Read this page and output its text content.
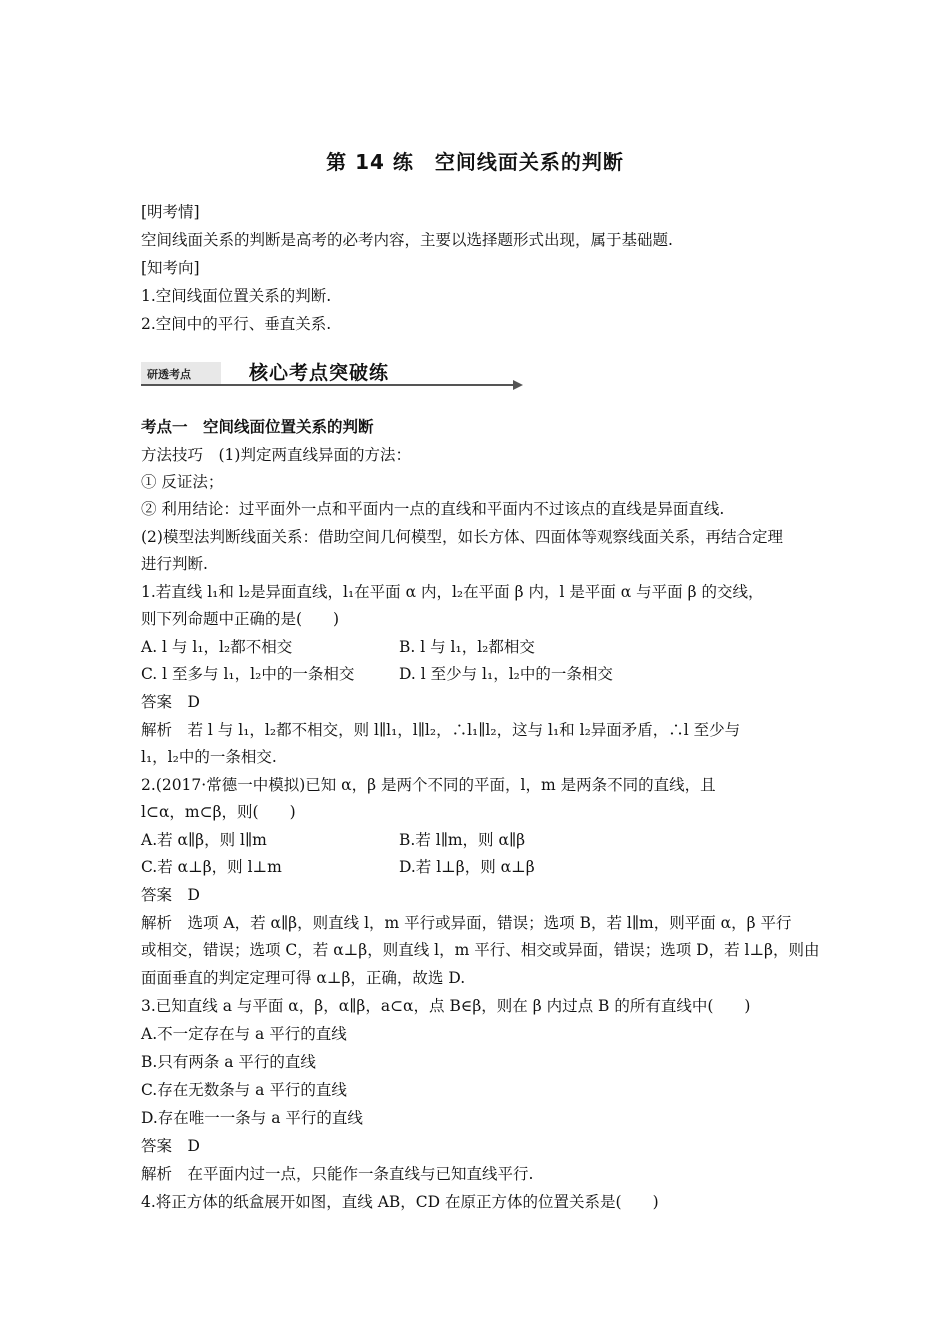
第 14 练　空间线面关系的判断
[明考情]
空间线面关系的判断是高考的必考内容，主要以选择题形式出现，属于基础题.
[知考向]
1.空间线面位置关系的判断.
2.空间中的平行、垂直关系.
研透考点	核心考点突破练
考点一　空间线面位置关系的判断
方法技巧　(1)判定两直线异面的方法：
① 反证法；
② 利用结论：过平面外一点和平面内一点的直线和平面内不过该点的直线是异面直线.
(2)模型法判断线面关系：借助空间几何模型，如长方体、四面体等观察线面关系，再结合定理
进行判断.
1.若直线 l₁和 l₂是异面直线，l₁在平面 α 内，l₂在平面 β 内，l 是平面 α 与平面 β 的交线，
则下列命题中正确的是(　　)
A. l 与 l₁，l₂都不相交	B. l 与 l₁，l₂都相交
C. l 至多与 l₁，l₂中的一条相交	D. l 至少与 l₁，l₂中的一条相交
答案　D
解析　若 l 与 l₁，l₂都不相交，则 l∥l₁，l∥l₂，∴l₁∥l₂，这与 l₁和 l₂异面矛盾，∴l 至少与
l₁，l₂中的一条相交.
2.(2017·常德一中模拟)已知 α，β 是两个不同的平面，l，m 是两条不同的直线，且
l⊂α，m⊂β，则(　　)
A.若 α∥β，则 l∥m	B.若 l∥m，则 α∥β
C.若 α⊥β，则 l⊥m	D.若 l⊥β，则 α⊥β
答案　D
解析　选项 A，若 α∥β，则直线 l，m 平行或异面，错误；选项 B，若 l∥m，则平面 α，β 平行
或相交，错误；选项 C，若 α⊥β，则直线 l，m 平行、相交或异面，错误；选项 D，若 l⊥β，则由
面面垂直的判定定理可得 α⊥β，正确，故选 D.
3.已知直线 a 与平面 α，β，α∥β，a⊂α，点 B∈β，则在 β 内过点 B 的所有直线中(　　)
A.不一定存在与 a 平行的直线
B.只有两条 a 平行的直线
C.存在无数条与 a 平行的直线
D.存在唯一一条与 a 平行的直线
答案　D
解析　在平面内过一点，只能作一条直线与已知直线平行.
4.将正方体的纸盒展开如图，直线 AB，CD 在原正方体的位置关系是(　　)
